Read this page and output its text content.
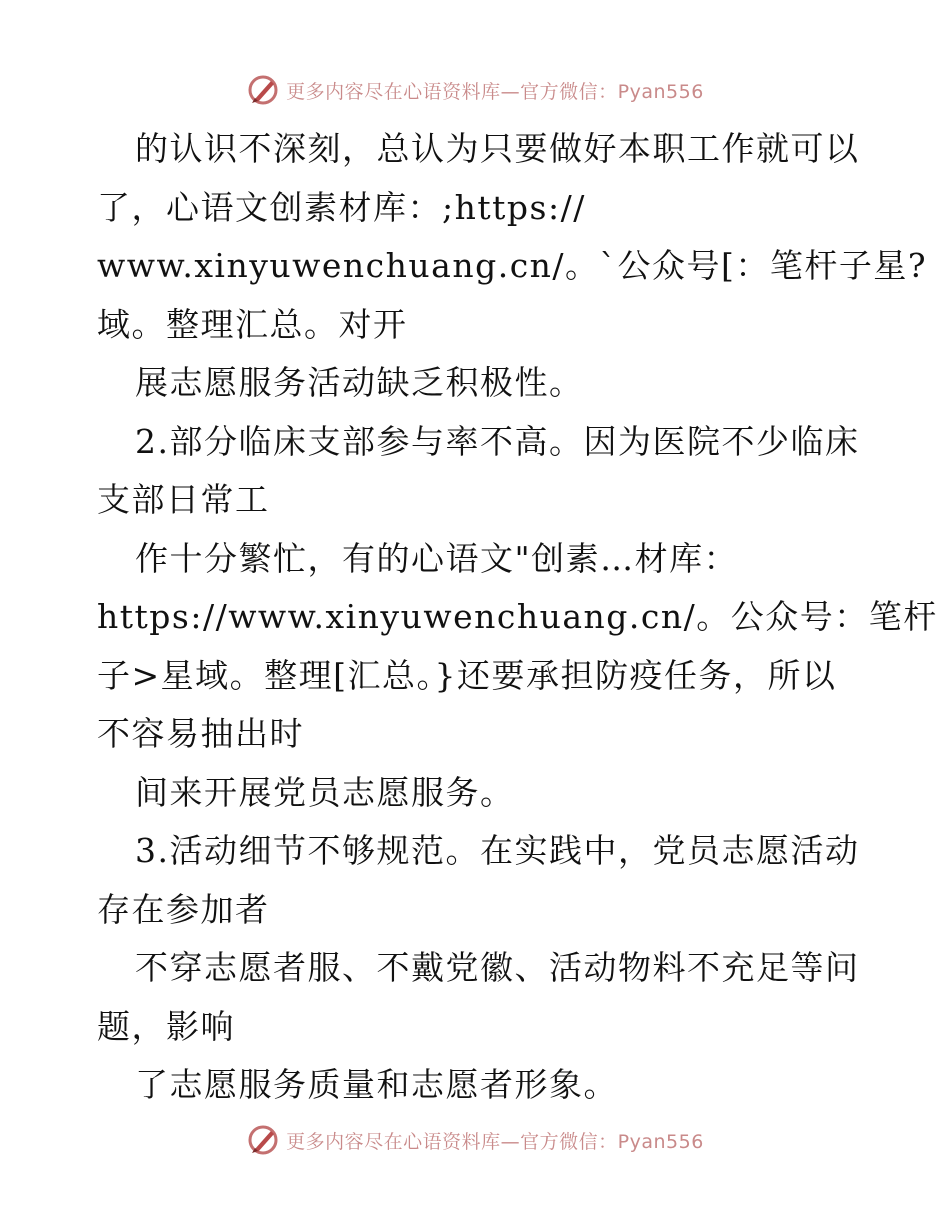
更多内容尽在心语资料库—官方微信：Pyan556
的认识不深刻，总认为只要做好本职工作就可以
了，心语文创素材库：;https://
www.xinyuwenchuang.cn/。`公众号[：笔杆子星?
域。整理汇总。对开
展志愿服务活动缺乏积极性。
2.部分临床支部参与率不高。因为医院不少临床
支部日常工
作十分繁忙，有的心语文"创素…材库：
https://www.xinyuwenchuang.cn/。公众号：笔杆
子>星域。整理[汇总。}还要承担防疫任务，所以
不容易抽出时
间来开展党员志愿服务。
3.活动细节不够规范。在实践中，党员志愿活动
存在参加者
不穿志愿者服、不戴党徽、活动物料不充足等问
题，影响
了志愿服务质量和志愿者形象。
更多内容尽在心语资料库—官方微信：Pyan556
